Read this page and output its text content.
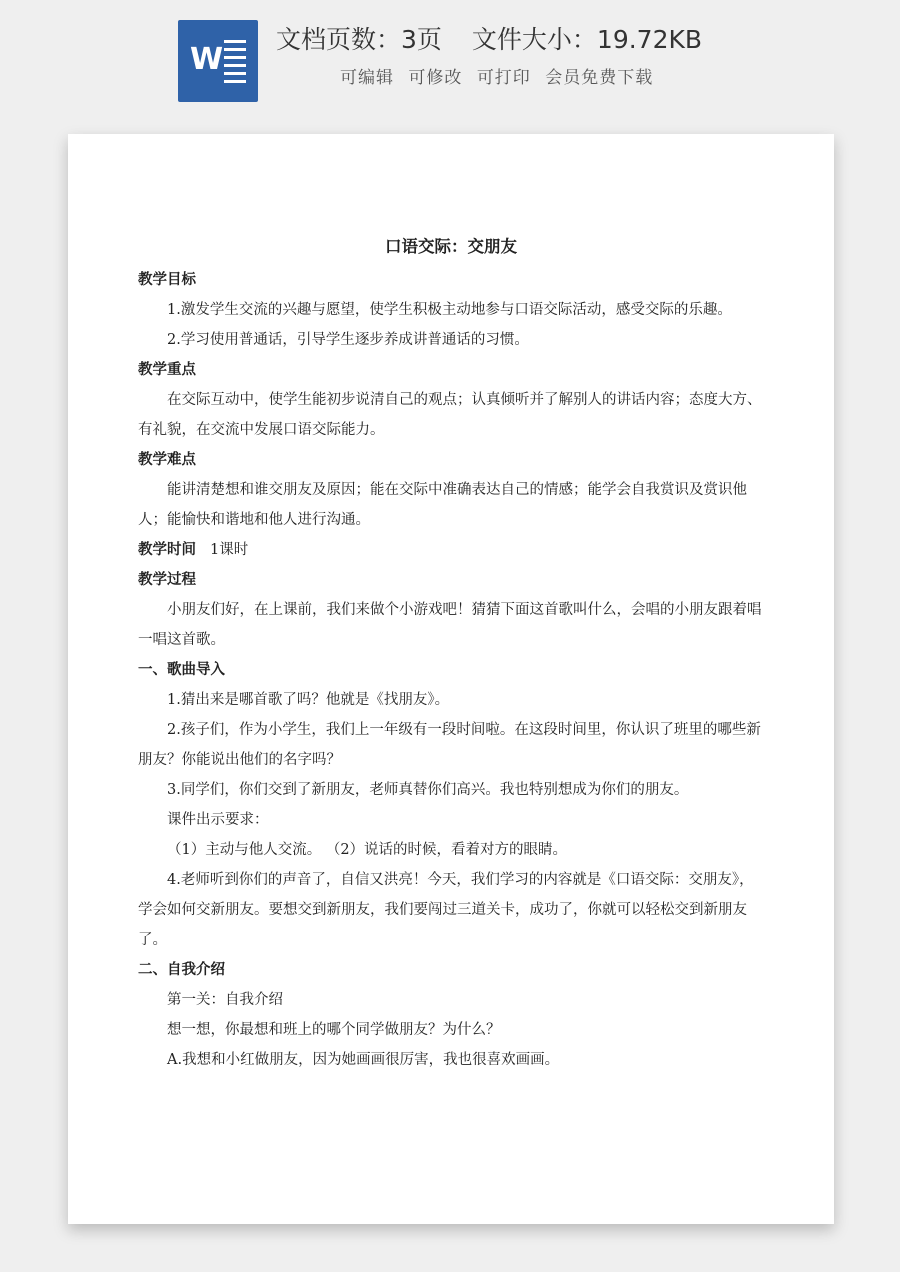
W
文档页数：3页 文件大小：19.72KB
可编辑 可修改 可打印 会员免费下载

口语交际：交朋友

教学目标

1.激发学生交流的兴趣与愿望，使学生积极主动地参与口语交际活动，感受交际的乐趣。

2.学习使用普通话，引导学生逐步养成讲普通话的习惯。

教学重点

在交际互动中，使学生能初步说清自己的观点；认真倾听并了解别人的讲话内容；态度大方、有礼貌，在交流中发展口语交际能力。

教学难点

能讲清楚想和谁交朋友及原因；能在交际中准确表达自己的情感；能学会自我赏识及赏识他人；能愉快和谐地和他人进行沟通。

教学时间 1课时

教学过程

小朋友们好，在上课前，我们来做个小游戏吧！猜猜下面这首歌叫什么，会唱的小朋友跟着唱一唱这首歌。

一、歌曲导入

1.猜出来是哪首歌了吗？他就是《找朋友》。

2.孩子们，作为小学生，我们上一年级有一段时间啦。在这段时间里，你认识了班里的哪些新朋友？你能说出他们的名字吗？

3.同学们，你们交到了新朋友，老师真替你们高兴。我也特别想成为你们的朋友。

课件出示要求：

（1）主动与他人交流。 （2）说话的时候，看着对方的眼睛。

4.老师听到你们的声音了，自信又洪亮！今天，我们学习的内容就是《口语交际：交朋友》，学会如何交新朋友。要想交到新朋友，我们要闯过三道关卡，成功了，你就可以轻松交到新朋友了。

二、自我介绍

第一关：自我介绍

想一想，你最想和班上的哪个同学做朋友？为什么？

A.我想和小红做朋友，因为她画画很厉害，我也很喜欢画画。
